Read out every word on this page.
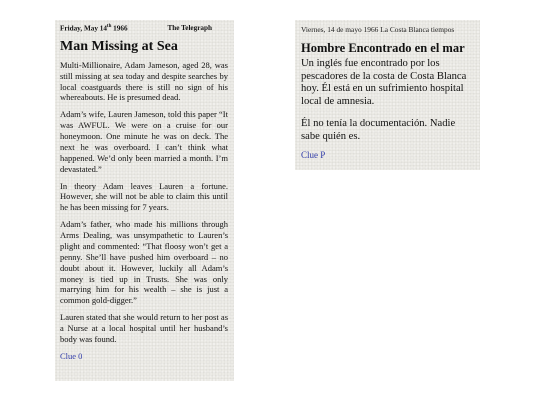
Friday, May 14th 1966	The Telegraph
Man Missing at Sea

Multi-Millionaire, Adam Jameson, aged 28, was still missing at sea today and despite searches by local coastguards there is still no sign of his whereabouts. He is presumed dead.

Adam’s wife, Lauren Jameson, told this paper “It was AWFUL. We were on a cruise for our honeymoon. One minute he was on deck. The next he was overboard. I can’t think what happened. We’d only been married a month. I’m devastated.”

In theory Adam leaves Lauren a fortune. However, she will not be able to claim this until he has been missing for 7 years.

Adam’s father, who made his millions through Arms Dealing, was unsympathetic to Lauren’s plight and commented: “That floosy won’t get a penny. She’ll have pushed him overboard – no doubt about it. However, luckily all Adam’s money is tied up in Trusts. She was only marrying him for his wealth – she is just a common gold-digger.”

Lauren stated that she would return to her post as a Nurse at a local hospital until her husband’s body was found.

Clue 0
Viernes, 14 de mayo 1966 La Costa Blanca tiempos
Hombre Encontrado en el mar

Un inglés fue encontrado por los pescadores de la costa de Costa Blanca hoy. Él está en un sufrimiento hospital local de amnesia.

Él no tenía la documentación. Nadie sabe quién es.

Clue P
